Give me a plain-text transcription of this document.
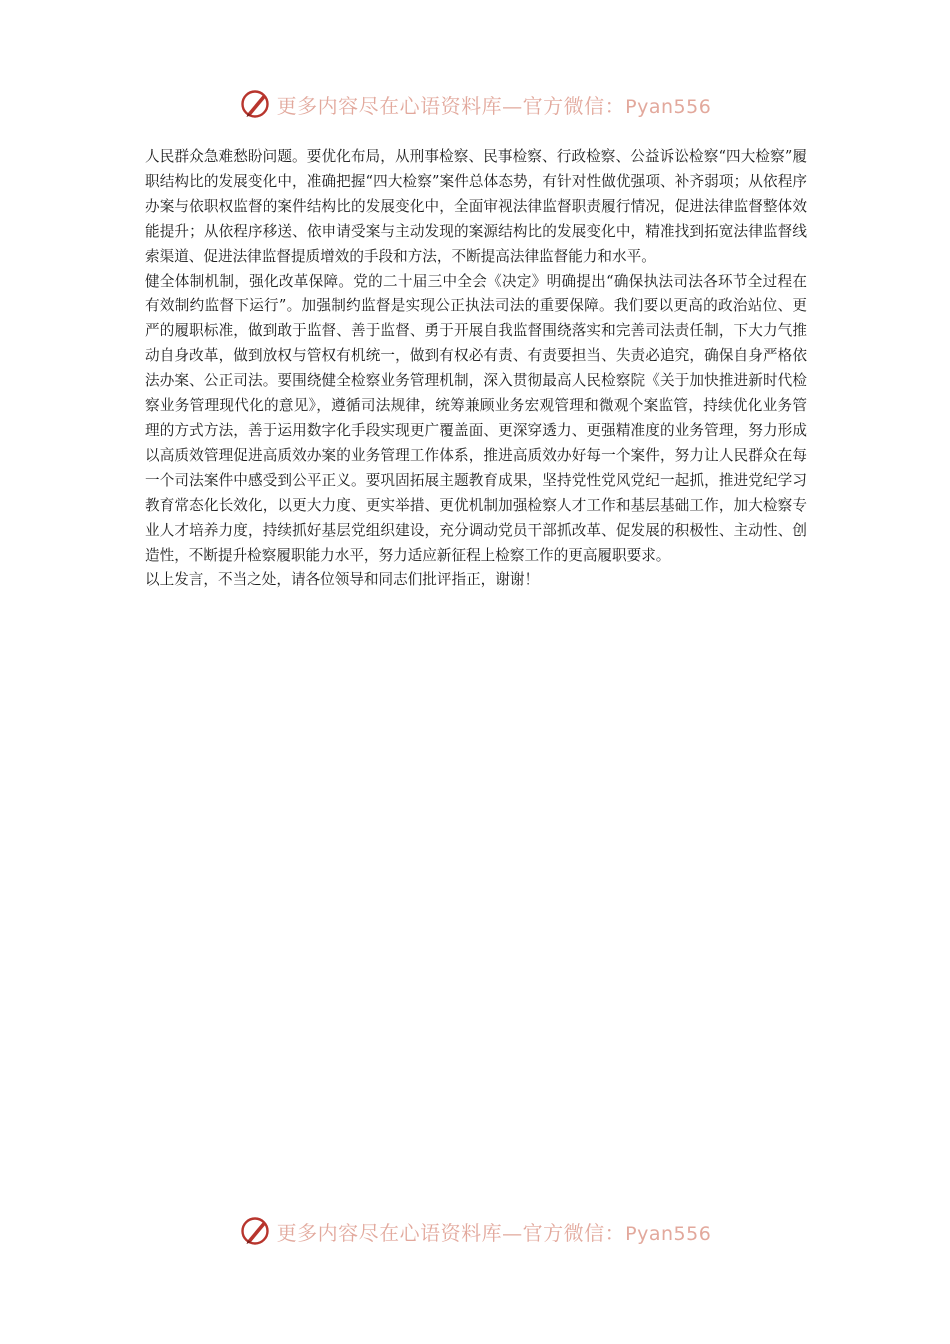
更多内容尽在心语资料库—官方微信：Pyan556

人民群众急难愁盼问题。要优化布局，从刑事检察、民事检察、行政检察、公益诉讼检察“四大检察”履职结构比的发展变化中，准确把握“四大检察”案件总体态势，有针对性做优强项、补齐弱项；从依程序办案与依职权监督的案件结构比的发展变化中，全面审视法律监督职责履行情况，促进法律监督整体效能提升；从依程序移送、依申请受案与主动发现的案源结构比的发展变化中，精准找到拓宽法律监督线索渠道、促进法律监督提质增效的手段和方法，不断提高法律监督能力和水平。

健全体制机制，强化改革保障。党的二十届三中全会《决定》明确提出“确保执法司法各环节全过程在有效制约监督下运行”。加强制约监督是实现公正执法司法的重要保障。我们要以更高的政治站位、更严的履职标准，做到敢于监督、善于监督、勇于开展自我监督围绕落实和完善司法责任制，下大力气推动自身改革，做到放权与管权有机统一，做到有权必有责、有责要担当、失责必追究，确保自身严格依法办案、公正司法。要围绕健全检察业务管理机制，深入贯彻最高人民检察院《关于加快推进新时代检察业务管理现代化的意见》，遵循司法规律，统筹兼顾业务宏观管理和微观个案监管，持续优化业务管理的方式方法，善于运用数字化手段实现更广覆盖面、更深穿透力、更强精准度的业务管理，努力形成以高质效管理促进高质效办案的业务管理工作体系，推进高质效办好每一个案件，努力让人民群众在每一个司法案件中感受到公平正义。要巩固拓展主题教育成果，坚持党性党风党纪一起抓，推进党纪学习教育常态化长效化，以更大力度、更实举措、更优机制加强检察人才工作和基层基础工作，加大检察专业人才培养力度，持续抓好基层党组织建设，充分调动党员干部抓改革、促发展的积极性、主动性、创造性，不断提升检察履职能力水平，努力适应新征程上检察工作的更高履职要求。

以上发言，不当之处，请各位领导和同志们批评指正，谢谢！

更多内容尽在心语资料库—官方微信：Pyan556
